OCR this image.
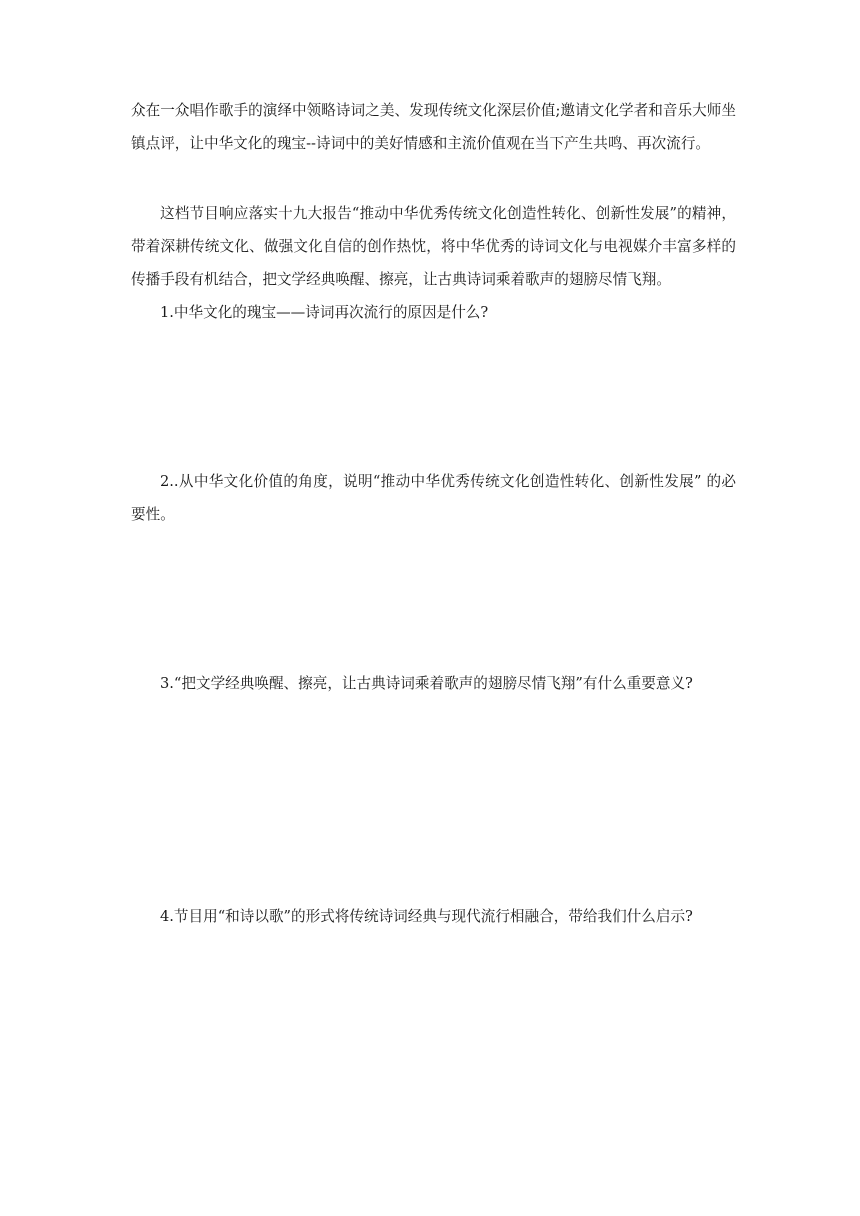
众在一众唱作歌手的演绎中领略诗词之美、发现传统文化深层价值;邀请文化学者和音乐大师坐镇点评，让中华文化的瑰宝--诗词中的美好情感和主流价值观在当下产生共鸣、再次流行。

这档节目响应落实十九大报告“推动中华优秀传统文化创造性转化、创新性发展”的精神，带着深耕传统文化、做强文化自信的创作热忱，将中华优秀的诗词文化与电视媒介丰富多样的传播手段有机结合，把文学经典唤醒、擦亮，让古典诗词乘着歌声的翅膀尽情飞翔。

1.中华文化的瑰宝——诗词再次流行的原因是什么?

2..从中华文化价值的角度，说明“推动中华优秀传统文化创造性转化、创新性发展” 的必要性。

3.“把文学经典唤醒、擦亮，让古典诗词乘着歌声的翅膀尽情飞翔”有什么重要意义?

4.节目用“和诗以歌”的形式将传统诗词经典与现代流行相融合，带给我们什么启示?
